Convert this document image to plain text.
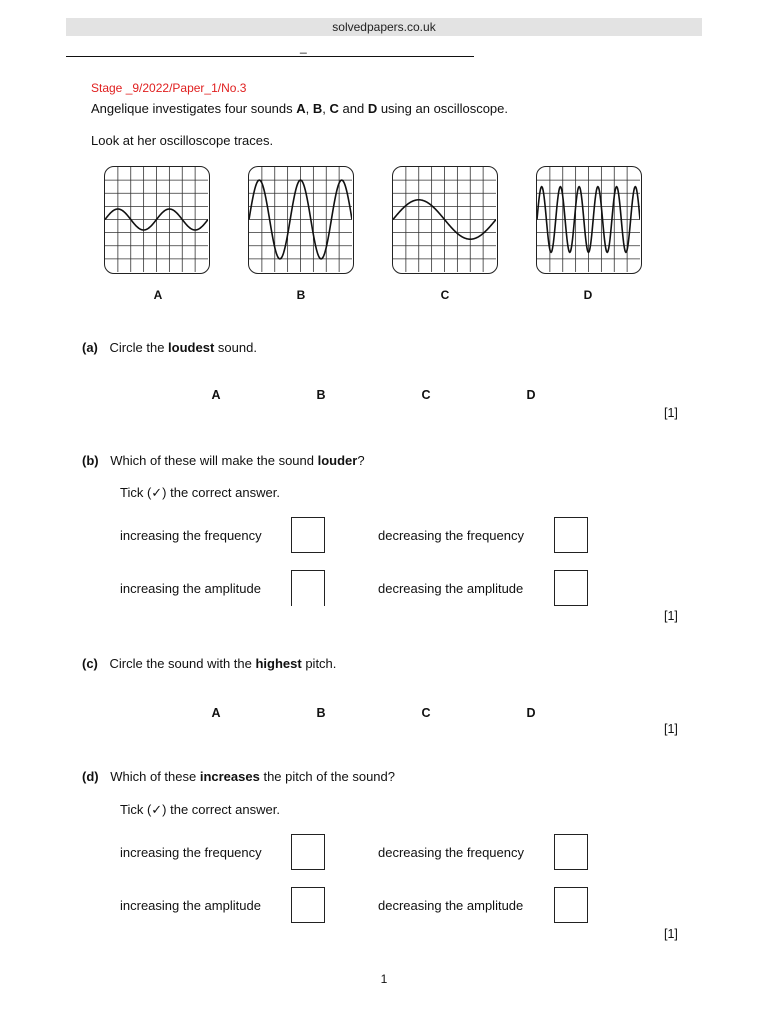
solvedpapers.co.uk
_
Stage _9/2022/Paper_1/No.3
Angelique investigates four sounds A, B, C and D using an oscilloscope.
Look at her oscilloscope traces.
A	B	C	D
(a) Circle the loudest sound.
A	B	C	D
[1]
(b) Which of these will make the sound louder?
Tick (✓) the correct answer.
increasing the frequency	decreasing the frequency
increasing the amplitude	decreasing the amplitude
[1]
(c) Circle the sound with the highest pitch.
A	B	C	D
[1]
(d) Which of these increases the pitch of the sound?
Tick (✓) the correct answer.
increasing the frequency	decreasing the frequency
increasing the amplitude	decreasing the amplitude
[1]
1
